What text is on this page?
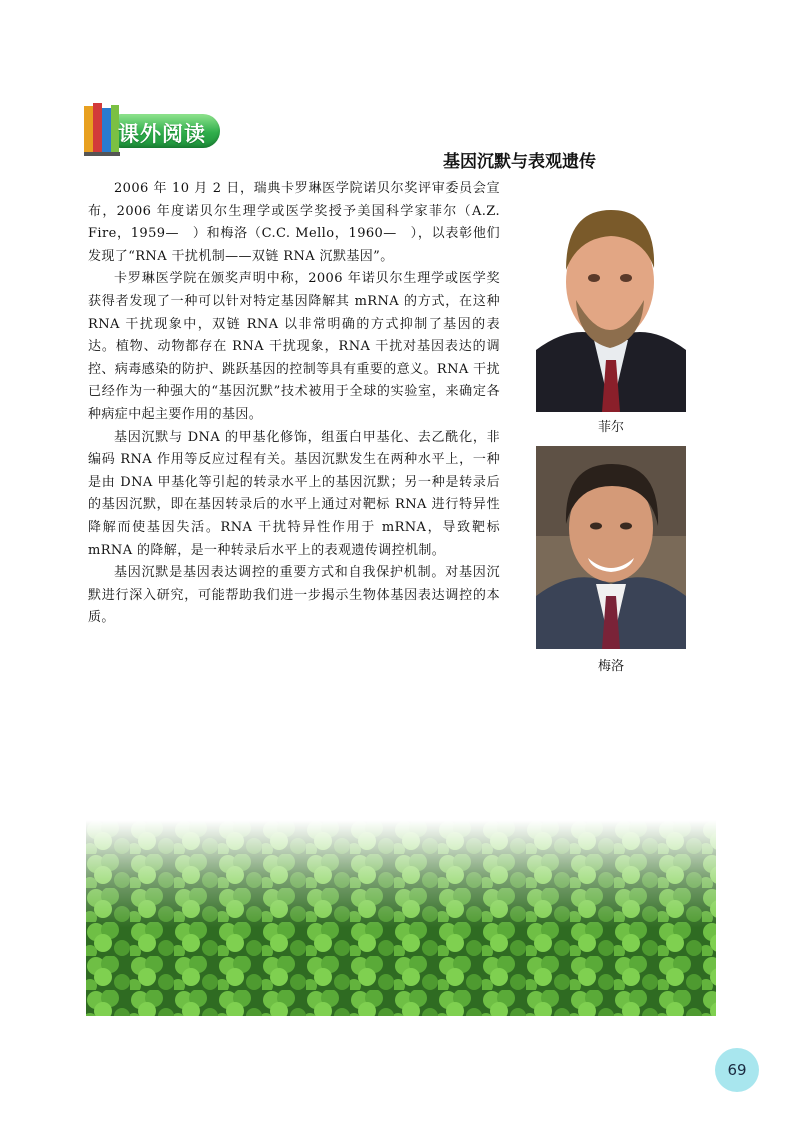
课外阅读
基因沉默与表观遗传

2006 年 10 月 2 日，瑞典卡罗琳医学院诺贝尔奖评审委员会宣布，2006 年度诺贝尔生理学或医学奖授予美国科学家菲尔（A.Z. Fire，1959—　）和梅洛（C.C. Mello，1960—　），以表彰他们发现了“RNA 干扰机制——双链 RNA 沉默基因”。

卡罗琳医学院在颁奖声明中称，2006 年诺贝尔生理学或医学奖获得者发现了一种可以针对特定基因降解其 mRNA 的方式，在这种 RNA 干扰现象中，双链 RNA 以非常明确的方式抑制了基因的表达。植物、动物都存在 RNA 干扰现象，RNA 干扰对基因表达的调控、病毒感染的防护、跳跃基因的控制等具有重要的意义。RNA 干扰已经作为一种强大的“基因沉默”技术被用于全球的实验室，来确定各种病症中起主要作用的基因。

基因沉默与 DNA 的甲基化修饰，组蛋白甲基化、去乙酰化，非编码 RNA 作用等反应过程有关。基因沉默发生在两种水平上，一种是由 DNA 甲基化等引起的转录水平上的基因沉默；另一种是转录后的基因沉默，即在基因转录后的水平上通过对靶标 RNA 进行特异性降解而使基因失活。RNA 干扰特异性作用于 mRNA，导致靶标 mRNA 的降解，是一种转录后水平上的表观遗传调控机制。

基因沉默是基因表达调控的重要方式和自我保护机制。对基因沉默进行深入研究，可能帮助我们进一步揭示生物体基因表达调控的本质。

菲尔
梅洛
69
